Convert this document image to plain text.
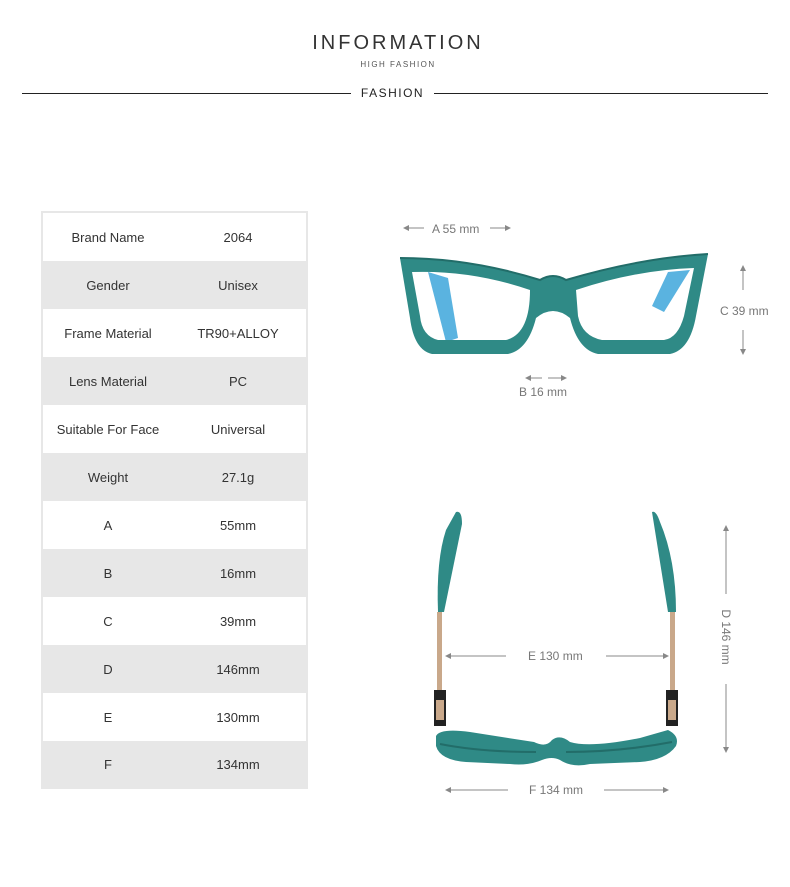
INFORMATION
HIGH FASHION
FASHION
Brand Name	2064
Gender	Unisex
Frame Material	TR90+ALLOY
Lens Material	PC
Suitable For Face	Universal
Weight	27.1g
A	55mm
B	16mm
C	39mm
D	146mm
E	130mm
F	134mm
A 55 mm
B 16 mm
C 39 mm
D 146 mm
E 130 mm
F 134 mm
